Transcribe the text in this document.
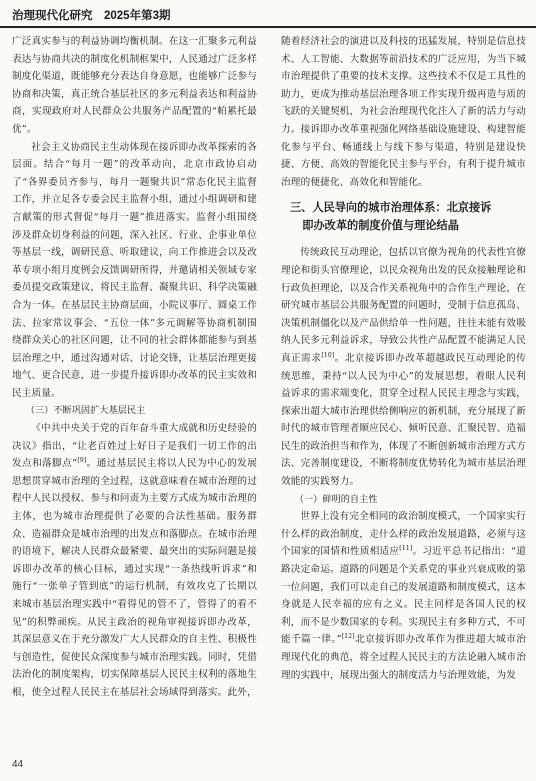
治理现代化研究 2025年第3期

广泛真实参与的利益协调均衡机制。在这一汇聚多元利益表达与协商共决的制度化机制框架中，人民通过广泛多样制度化渠道，既能够充分表达自身意愿，也能够广泛参与协商和决策，真正统合基层社区的多元利益表达和利益协商，实现政府对人民群众公共服务产品配置的“帕累托最优”。

社会主义协商民主生动体现在接诉即办改革探索的各层面。结合“每月一题”的改革动向，北京市政协启动了“各界委员齐参与，每月一题聚共识”常态化民主监督工作，并立足各专委会民主监督小组，通过小组调研和建言献策的形式督促“每月一题”推进落实。监督小组围绕涉及群众切身利益的问题，深入社区、行业、企事业单位等基层一线，调研民意、听取建议，向工作推进会以及改革专项小组月度例会反馈调研所得，并邀请相关领域专家委员提交政策建议，将民主监督、凝聚共识、科学决策融合为一体。在基层民主协商层面，小院议事厅、圆桌工作法、拉家常议事会、“五位一体”多元调解等协商机制围绕群众关心的社区问题，让不同的社会群体都能参与到基层治理之中，通过沟通对话、讨论交锋，让基层治理更接地气、更合民意，进一步提升接诉即办改革的民主实效和民主质量。

（三）不断巩固扩大基层民主

《中共中央关于党的百年奋斗重大成就和历史经验的决议》指出，“让老百姓过上好日子是我们一切工作的出发点和落脚点”[9]。通过基层民主将以人民为中心的发展思想贯穿城市治理的全过程，这就意味着在城市治理的过程中人民以授权、参与和问责为主要方式成为城市治理的主体，也为城市治理提供了必要的合法性基础。服务群众、造福群众是城市治理的出发点和落脚点。在城市治理的语境下，解决人民群众最紧要、最突出的实际问题是接诉即办改革的核心目标，通过实现“一条热线听诉求”和施行“一张单子管到底”的运行机制，有效攻克了长期以来城市基层治理实践中“看得见的管不了，管得了的看不见”的积弊顽疾。从民主政治的视角审视接诉即办改革，其深层意义在于充分激发广大人民群众的自主性、积极性与创造性，促使民众深度参与城市治理实践。同时，凭借法治化的制度架构，切实保障基层人民民主权利的落地生根，使全过程人民民主在基层社会场域得到落实。此外，

随着经济社会的演进以及科技的迅猛发展，特别是信息技术、人工智能、大数据等前沿技术的广泛应用，为当下城市治理提供了重要的技术支撑。这些技术不仅是工具性的助力，更成为推动基层治理各项工作实现升级再造与质的飞跃的关键契机，为社会治理现代化注入了新的活力与动力。接诉即办改革重视强化网络基础设施建设、构建智能化参与平台、畅通线上与线下参与渠道，特别是建设快捷、方便、高效的智能化民主参与平台，有利于提升城市治理的便捷化、高效化和智能化。

三、人民导向的城市治理体系：北京接诉
即办改革的制度价值与理论结晶

传统政民互动理论，包括以官僚为视角的代表性官僚理论和街头官僚理论，以民众视角出发的民众接触理论和行政负担理论，以及合作关系视角中的合作生产理论，在研究城市基层公共服务配置的问题时，受制于信息孤岛、决策机制僵化以及产品供给单一性问题，往往未能有效吸纳人民多元利益诉求，导致公共性产品配置不能满足人民真正需求[10]。北京接诉即办改革超越政民互动理论的传统思维，秉持“以人民为中心”的发展思想，着眼人民利益诉求的需求端变化，贯穿全过程人民民主理念与实践，探索出超大城市治理供给侧响应的新机制，充分展现了新时代的城市管理者顺应民心、倾听民意、汇聚民智、造福民生的政治担当和作为，体现了不断创新城市治理方式方法、完善制度建设，不断将制度优势转化为城市基层治理效能的实践努力。

（一）鲜明的自主性

世界上没有完全相同的政治制度模式，一个国家实行什么样的政治制度，走什么样的政治发展道路，必须与这个国家的国情和性质相适应[11]。习近平总书记指出：“道路决定命运。道路的问题是个关系党的事业兴衰成败的第一位问题，我们可以走自己的发展道路和制度模式，这本身就是人民幸福的应有之义。民主同样是各国人民的权利，而不是少数国家的专利。实现民主有多种方式，不可能千篇一律。”[12]北京接诉即办改革作为推进超大城市治理现代化的典范，将全过程人民民主的方法论融入城市治理的实践中，展现出强大的制度活力与治理效能，为发

44
